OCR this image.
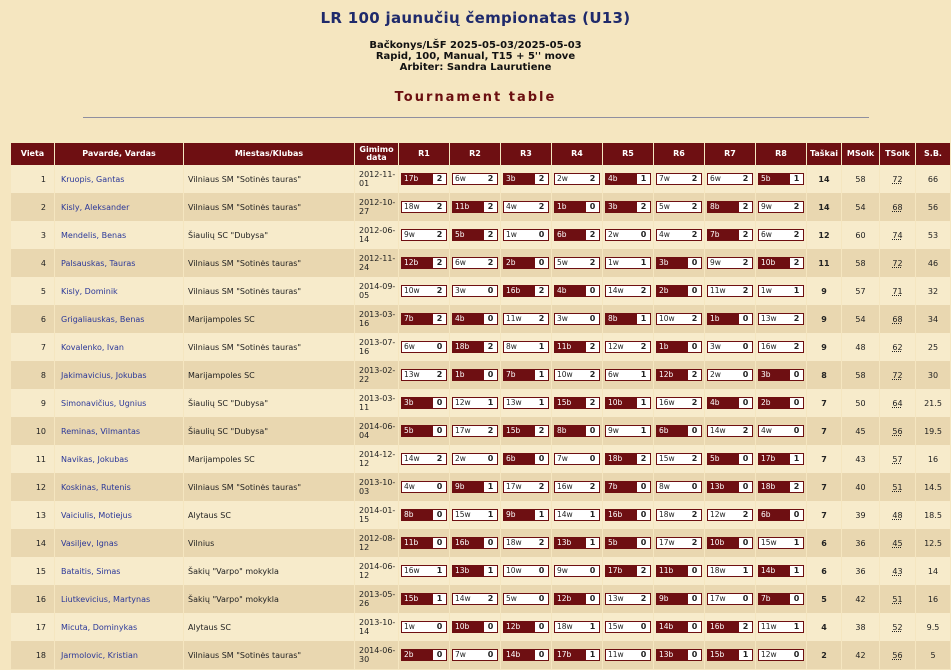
LR 100 jaunučių čempionatas (U13)
Bačkonys/LŠF 2025-05-03/2025-05-03
Rapid, 100, Manual, T15 + 5'' move
Arbiter: Sandra Laurutiene
Tournament table
Vieta	Pavardė, Vardas	Miestas/Klubas	Gimimo data	R1	R2	R3	R4	R5	R6	R7	R8	Taškai	MSolk	TSolk	S.B.
1	Kruopis, Gantas	Vilniaus SM "Sotinės tauras"	2012-11-01	17b 2	6w 2	3b 2	2w 2	4b 1	7w 2	6w 2	5b 1	14	58	72	66
2	Kisly, Aleksander	Vilniaus SM "Sotinės tauras"	2012-10-27	18w 2	11b 2	4w 2	1b 0	3b 2	5w 2	8b 2	9w 2	14	54	68	56
3	Mendelis, Benas	Šiaulių SC "Dubysa"	2012-06-14	9w 2	5b 2	1w 0	6b 2	2w 0	4w 2	7b 2	6w 2	12	60	74	53
4	Palsauskas, Tauras	Vilniaus SM "Sotinės tauras"	2012-11-24	12b 2	6w 2	2b 0	5w 2	1w 1	3b 0	9w 2	10b 2	11	58	72	46
5	Kisly, Dominik	Vilniaus SM "Sotinės tauras"	2014-09-05	10w 2	3w 0	16b 2	4b 0	14w 2	2b 0	11w 2	1w 1	9	57	71	32
6	Grigaliauskas, Benas	Marijampoles SC	2013-03-16	7b 2	4b 0	11w 2	3w 0	8b 1	10w 2	1b 0	13w 2	9	54	68	34
7	Kovalenko, Ivan	Vilniaus SM "Sotinės tauras"	2013-07-16	6w 0	18b 2	8w 1	11b 2	12w 2	1b 0	3w 0	16w 2	9	48	62	25
8	Jakimavicius, Jokubas	Marijampoles SC	2013-02-22	13w 2	1b 0	7b 1	10w 2	6w 1	12b 2	2w 0	3b 0	8	58	72	30
9	Simonavičius, Ugnius	Šiaulių SC "Dubysa"	2013-03-11	3b 0	12w 1	13w 1	15b 2	10b 1	16w 2	4b 0	2b 0	7	50	64	21.5
10	Reminas, Vilmantas	Šiaulių SC "Dubysa"	2014-06-04	5b 0	17w 2	15b 2	8b 0	9w 1	6b 0	14w 2	4w 0	7	45	56	19.5
11	Navikas, Jokubas	Marijampoles SC	2014-12-12	14w 2	2w 0	6b 0	7w 0	18b 2	15w 2	5b 0	17b 1	7	43	57	16
12	Koskinas, Rutenis	Vilniaus SM "Sotinės tauras"	2013-10-03	4w 0	9b 1	17w 2	16w 2	7b 0	8w 0	13b 0	18b 2	7	40	51	14.5
13	Vaiciulis, Motiejus	Alytaus SC	2014-01-15	8b 0	15w 1	9b 1	14w 1	16b 0	18w 2	12w 2	6b 0	7	39	48	18.5
14	Vasiljev, Ignas	Vilnius	2012-08-12	11b 0	16b 0	18w 2	13b 1	5b 0	17w 2	10b 0	15w 1	6	36	45	12.5
15	Bataitis, Simas	Šakių "Varpo" mokykla	2014-06-12	16w 1	13b 1	10w 0	9w 0	17b 2	11b 0	18w 1	14b 1	6	36	43	14
16	Liutkevicius, Martynas	Šakių "Varpo" mokykla	2013-05-26	15b 1	14w 2	5w 0	12b 0	13w 2	9b 0	17w 0	7b 0	5	42	51	16
17	Micuta, Dominykas	Alytaus SC	2013-10-14	1w 0	10b 0	12b 0	18w 1	15w 0	14b 0	16b 2	11w 1	4	38	52	9.5
18	Jarmolovic, Kristian	Vilniaus SM "Sotinės tauras"	2014-06-30	2b 0	7w 0	14b 0	17b 1	11w 0	13b 0	15b 1	12w 0	2	42	56	5
